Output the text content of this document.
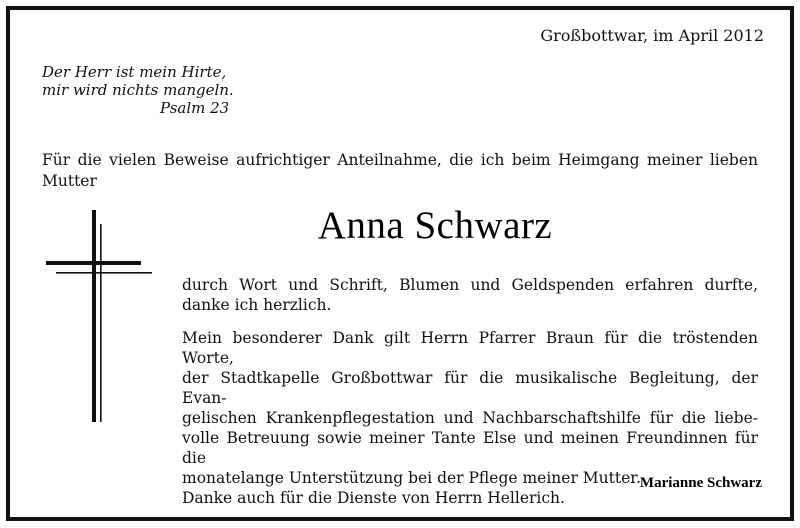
Großbottwar, im April 2012
Der Herr ist mein Hirte,
mir wird nichts mangeln.

Psalm 23
Für die vielen Beweise aufrichtiger Anteilnahme, die ich beim Heimgang meiner lieben Mutter
Anna Schwarz
durch Wort und Schrift, Blumen und Geldspenden erfahren durfte, danke ich herzlich.
Mein besonderer Dank gilt Herrn Pfarrer Braun für die tröstenden Worte,
der Stadtkapelle Großbottwar für die musikalische Begleitung, der Evan-
gelischen Krankenpflegestation und Nachbarschaftshilfe für die liebe-
volle Betreuung sowie meiner Tante Else und meinen Freundinnen für die
monatelange Unterstützung bei der Pflege meiner Mutter.
Danke auch für die Dienste von Herrn Hellerich.
Marianne Schwarz
